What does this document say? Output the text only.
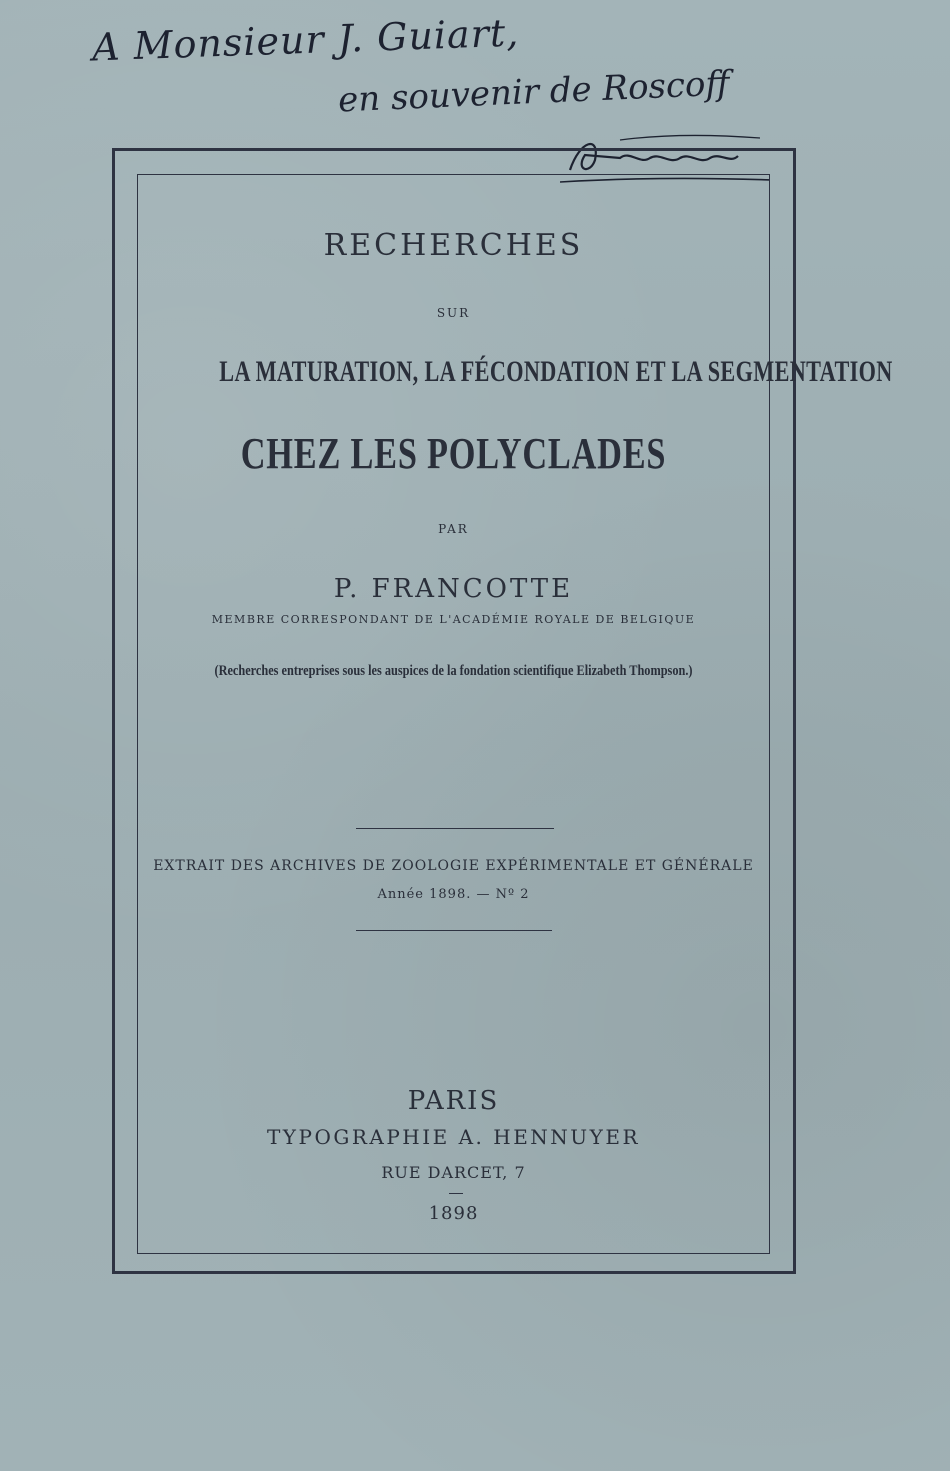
A Monsieur J. Guiart,
en souvenir de Roscoff
RECHERCHES
SUR
LA MATURATION, LA FÉCONDATION ET LA SEGMENTATION
CHEZ LES POLYCLADES
PAR
P. FRANCOTTE
MEMBRE CORRESPONDANT DE L'ACADÉMIE ROYALE DE BELGIQUE
(Recherches entreprises sous les auspices de la fondation scientifique Elizabeth Thompson.)
EXTRAIT DES ARCHIVES DE ZOOLOGIE EXPÉRIMENTALE ET GÉNÉRALE
Année 1898. — Nº 2
PARIS
TYPOGRAPHIE A. HENNUYER
RUE DARCET, 7
1898
